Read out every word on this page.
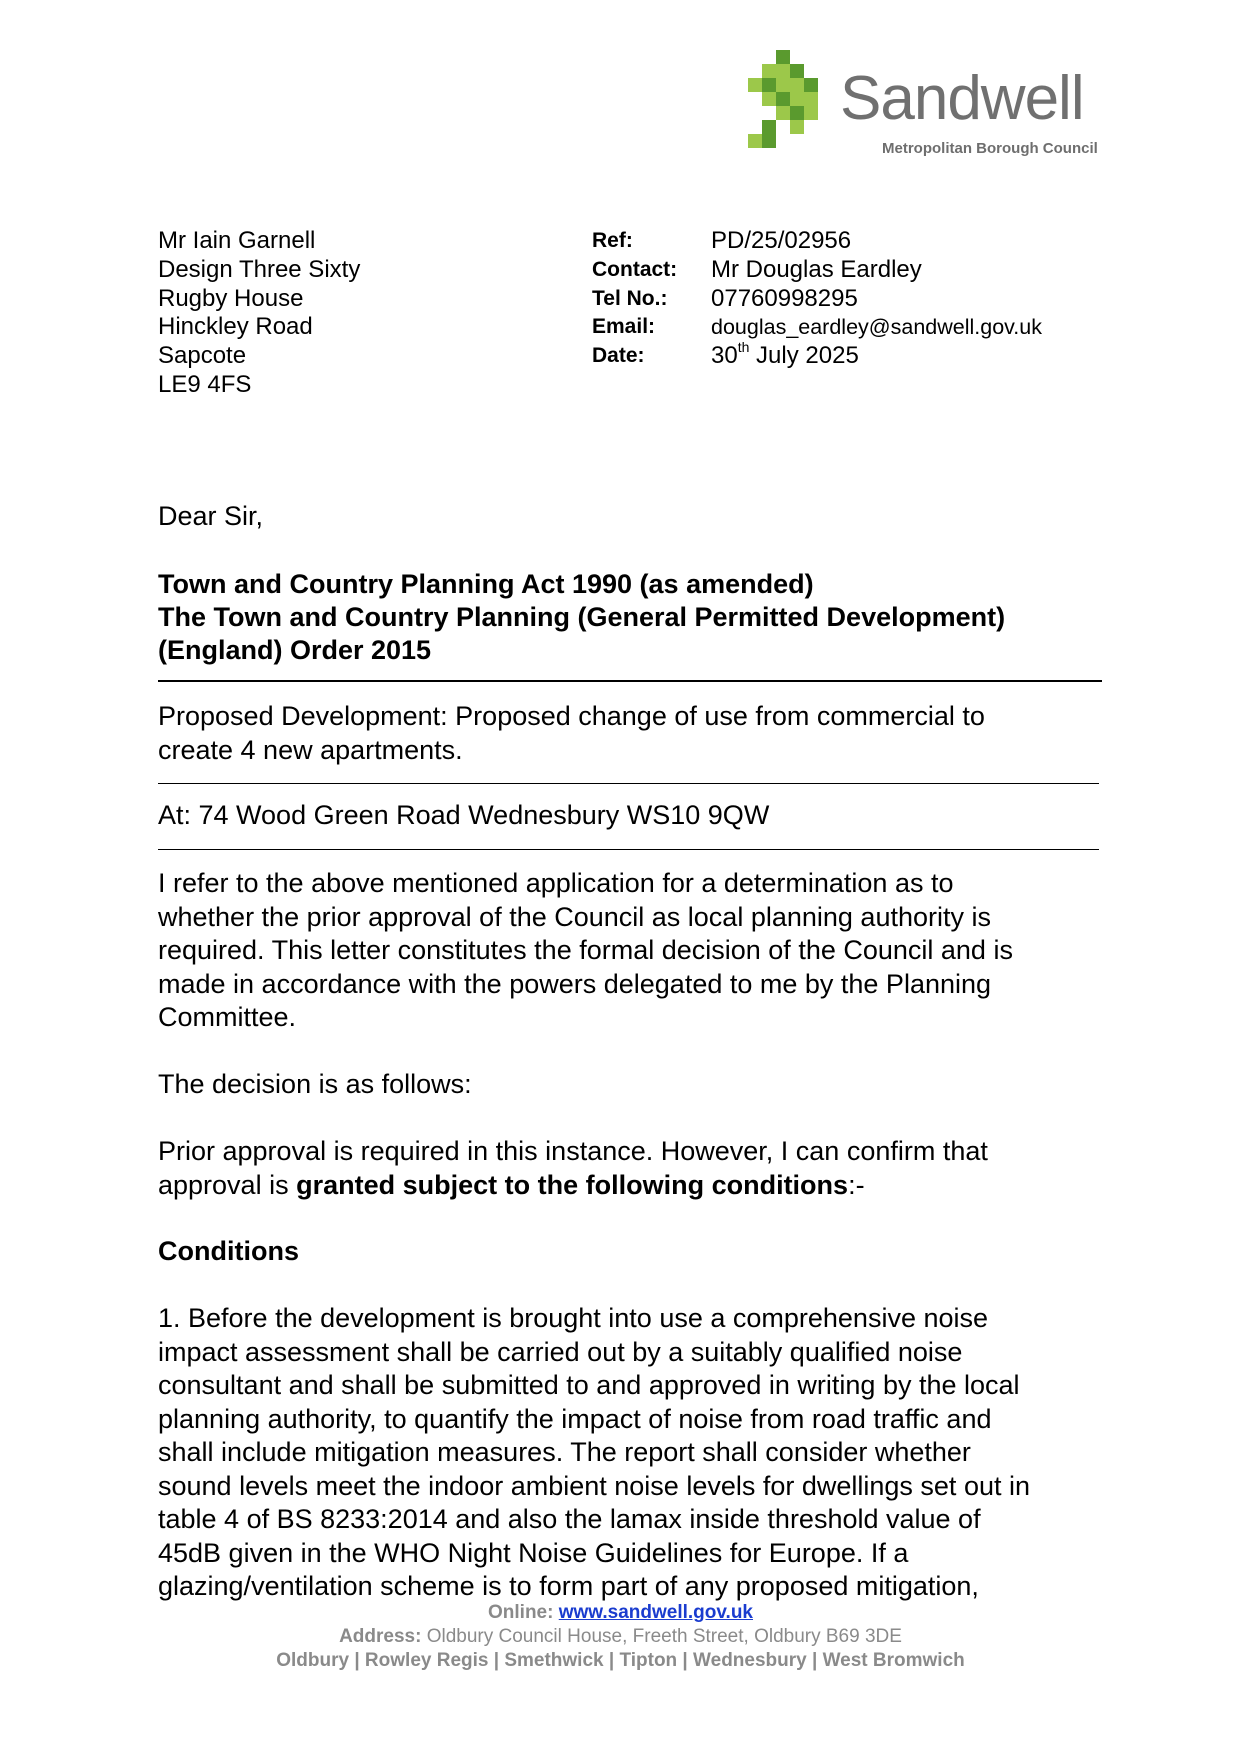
Sandwell
Metropolitan Borough Council
Mr Iain Garnell
Design Three Sixty
Rugby House
Hinckley Road
Sapcote
LE9 4FS
Ref:	PD/25/02956
Contact:	Mr Douglas Eardley
Tel No.:	07760998295
Email:	douglas_eardley@sandwell.gov.uk
Date:	30th July 2025
Dear Sir,
Town and Country Planning Act 1990 (as amended)
The Town and Country Planning (General Permitted Development)
(England) Order 2015
Proposed Development: Proposed change of use from commercial to
create 4 new apartments.
At: 74 Wood Green Road Wednesbury WS10 9QW
I refer to the above mentioned application for a determination as to
whether the prior approval of the Council as local planning authority is
required. This letter constitutes the formal decision of the Council and is
made in accordance with the powers delegated to me by the Planning
Committee.
The decision is as follows:
Prior approval is required in this instance. However, I can confirm that
approval is granted subject to the following conditions:-
Conditions
1. Before the development is brought into use a comprehensive noise
impact assessment shall be carried out by a suitably qualified noise
consultant and shall be submitted to and approved in writing by the local
planning authority, to quantify the impact of noise from road traffic and
shall include mitigation measures. The report shall consider whether
sound levels meet the indoor ambient noise levels for dwellings set out in
table 4 of BS 8233:2014 and also the lamax inside threshold value of
45dB given in the WHO Night Noise Guidelines for Europe. If a
glazing/ventilation scheme is to form part of any proposed mitigation,
Online: www.sandwell.gov.uk
Address: Oldbury Council House, Freeth Street, Oldbury B69 3DE
Oldbury | Rowley Regis | Smethwick | Tipton | Wednesbury | West Bromwich
